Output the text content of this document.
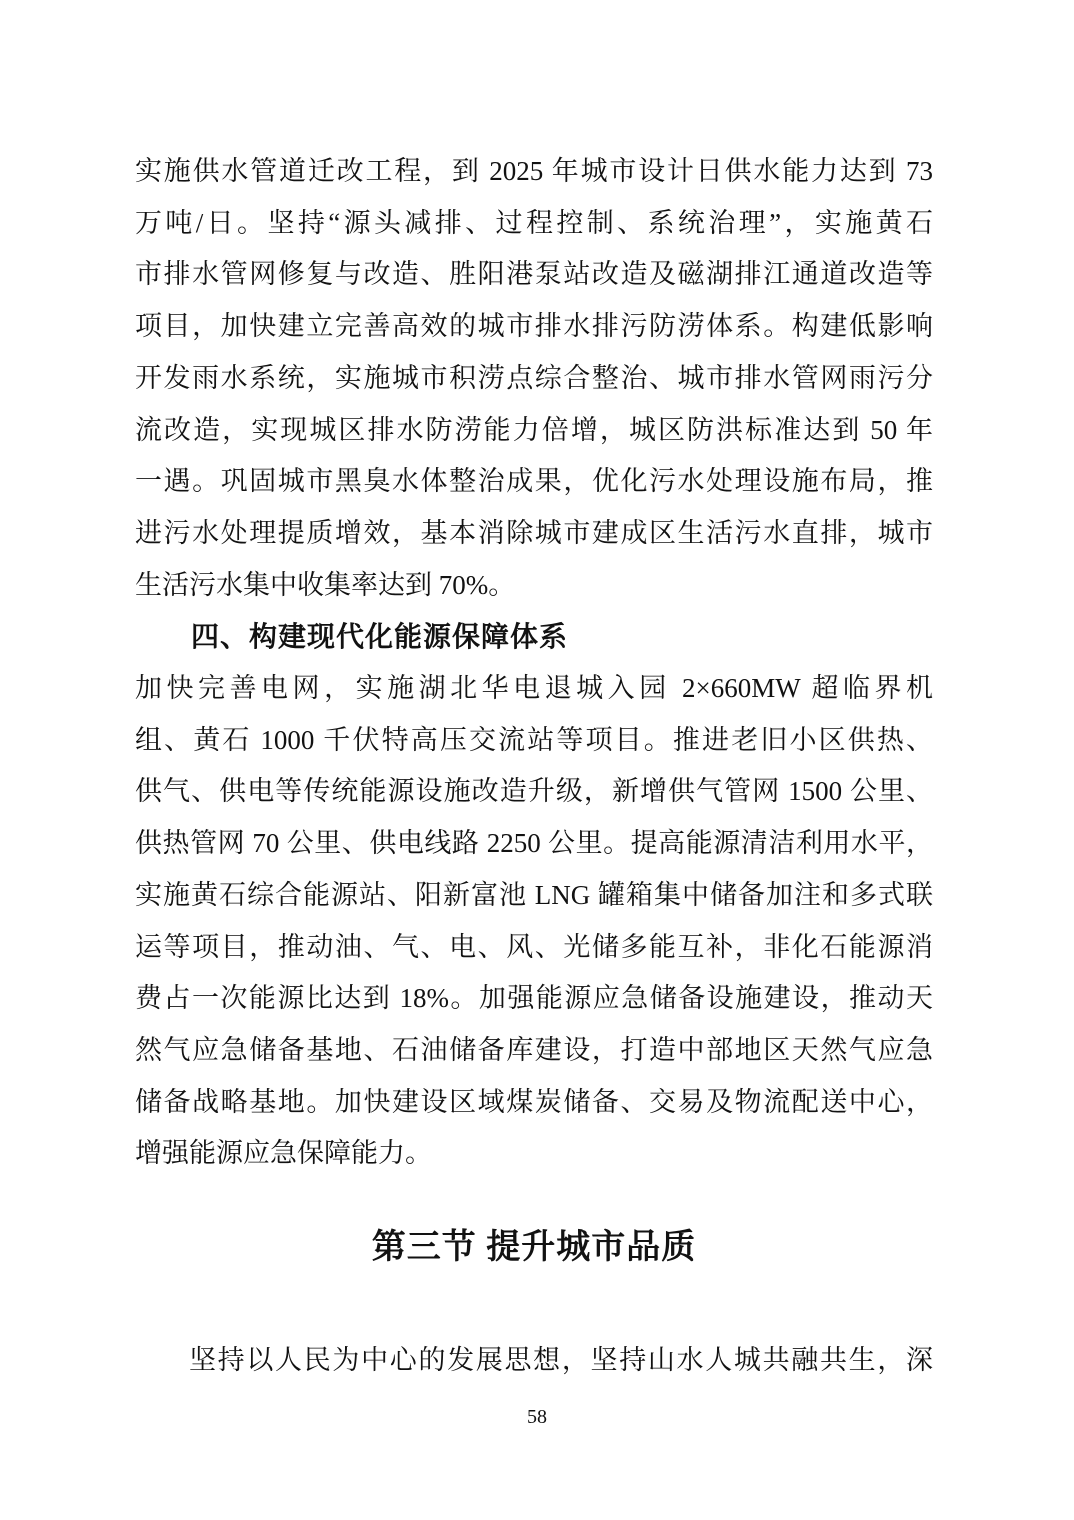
实施供水管道迁改工程，到 2025 年城市设计日供水能力达到 73
万吨/日。坚持“源头减排、过程控制、系统治理”，实施黄石
市排水管网修复与改造、胜阳港泵站改造及磁湖排江通道改造等
项目，加快建立完善高效的城市排水排污防涝体系。构建低影响
开发雨水系统，实施城市积涝点综合整治、城市排水管网雨污分
流改造，实现城区排水防涝能力倍增，城区防洪标准达到 50 年
一遇。巩固城市黑臭水体整治成果，优化污水处理设施布局，推
进污水处理提质增效，基本消除城市建成区生活污水直排，城市
生活污水集中收集率达到 70%。
四、构建现代化能源保障体系
加快完善电网，实施湖北华电退城入园 2×660MW 超临界机
组、黄石 1000 千伏特高压交流站等项目。推进老旧小区供热、
供气、供电等传统能源设施改造升级，新增供气管网 1500 公里、
供热管网 70 公里、供电线路 2250 公里。提高能源清洁利用水平，
实施黄石综合能源站、阳新富池 LNG 罐箱集中储备加注和多式联
运等项目，推动油、气、电、风、光储多能互补，非化石能源消
费占一次能源比达到 18%。加强能源应急储备设施建设，推动天
然气应急储备基地、石油储备库建设，打造中部地区天然气应急
储备战略基地。加快建设区域煤炭储备、交易及物流配送中心，
增强能源应急保障能力。
第三节 提升城市品质
坚持以人民为中心的发展思想，坚持山水人城共融共生，深
58
